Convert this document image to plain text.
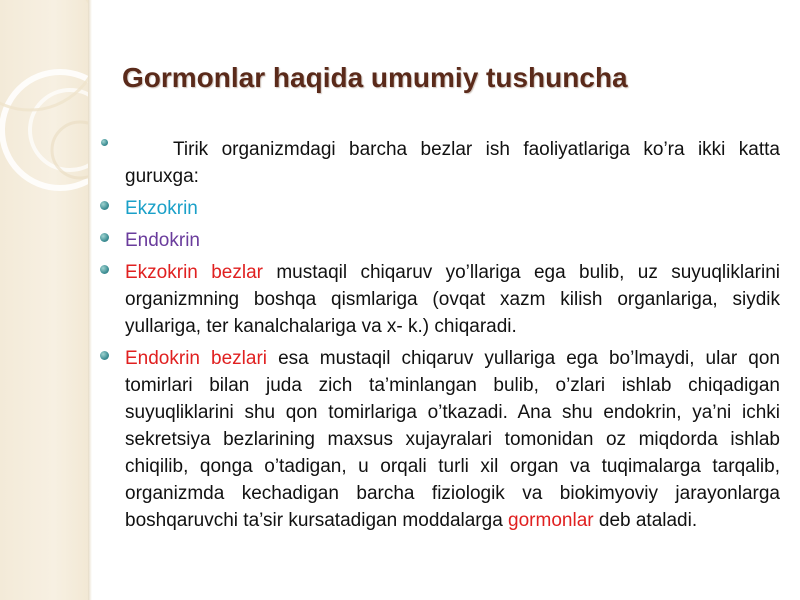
Gormonlar haqida umumiy tushuncha
Tirik organizmdagi barcha bezlar ish faoliyatlariga ko’ra ikki katta guruxga:
Ekzokrin
Endokrin
Ekzokrin bezlar mustaqil chiqaruv yo’llariga ega bulib, uz suyuqliklarini organizmning boshqa qismlariga (ovqat xazm kilish organlariga, siydik yullariga, ter kanalchalariga va x- k.) chiqaradi.
Endokrin bezlari esa mustaqil chiqaruv yullariga ega bo’lmaydi, ular qon tomirlari bilan juda zich ta’minlangan bulib, o’zlari ishlab chiqadigan suyuqliklarini shu qon tomirlariga o’tkazadi. Ana shu endokrin, ya’ni ichki sekretsiya bezlarining maxsus xujayralari tomonidan oz miqdorda ishlab chiqilib, qonga o’tadigan, u orqali turli xil organ va tuqimalarga tarqalib, organizmda kechadigan barcha fiziologik va biokimyoviy jarayonlarga boshqaruvchi ta’sir kursatadigan moddalarga gormonlar deb ataladi.
